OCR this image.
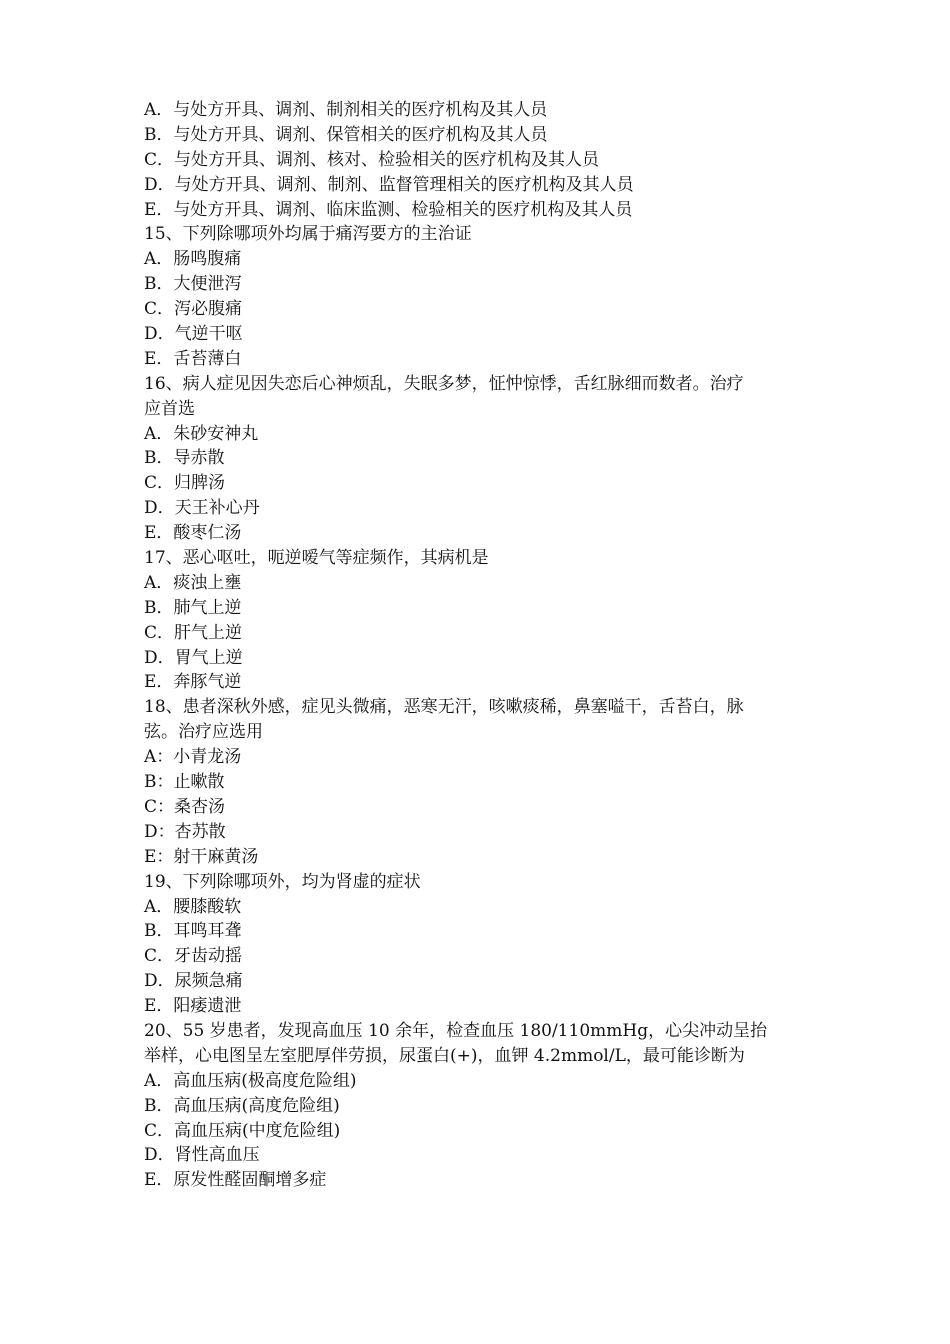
A．与处方开具、调剂、制剂相关的医疗机构及其人员
B．与处方开具、调剂、保管相关的医疗机构及其人员
C．与处方开具、调剂、核对、检验相关的医疗机构及其人员
D．与处方开具、调剂、制剂、监督管理相关的医疗机构及其人员
E．与处方开具、调剂、临床监测、检验相关的医疗机构及其人员
15、下列除哪项外均属于痛泻要方的主治证
A．肠鸣腹痛
B．大便泄泻
C．泻必腹痛
D．气逆干呕
E．舌苔薄白
16、病人症见因失恋后心神烦乱，失眠多梦，怔忡惊悸，舌红脉细而数者。治疗
应首选
A．朱砂安神丸
B．导赤散
C．归脾汤
D．天王补心丹
E．酸枣仁汤
17、恶心呕吐，呃逆嗳气等症频作，其病机是
A．痰浊上壅
B．肺气上逆
C．肝气上逆
D．胃气上逆
E．奔豚气逆
18、患者深秋外感，症见头微痛，恶寒无汗，咳嗽痰稀，鼻塞嗌干，舌苔白，脉
弦。治疗应选用
A：小青龙汤
B：止嗽散
C：桑杏汤
D：杏苏散
E：射干麻黄汤
19、下列除哪项外，均为肾虚的症状
A．腰膝酸软
B．耳鸣耳聋
C．牙齿动摇
D．尿频急痛
E．阳痿遗泄
20、55 岁患者，发现高血压 10 余年，检查血压 180/110mmHg，心尖冲动呈抬
举样，心电图呈左室肥厚伴劳损，尿蛋白(+)，血钾 4.2mmol/L，最可能诊断为
A．高血压病(极高度危险组)
B．高血压病(高度危险组)
C．高血压病(中度危险组)
D．肾性高血压
E．原发性醛固酮增多症
